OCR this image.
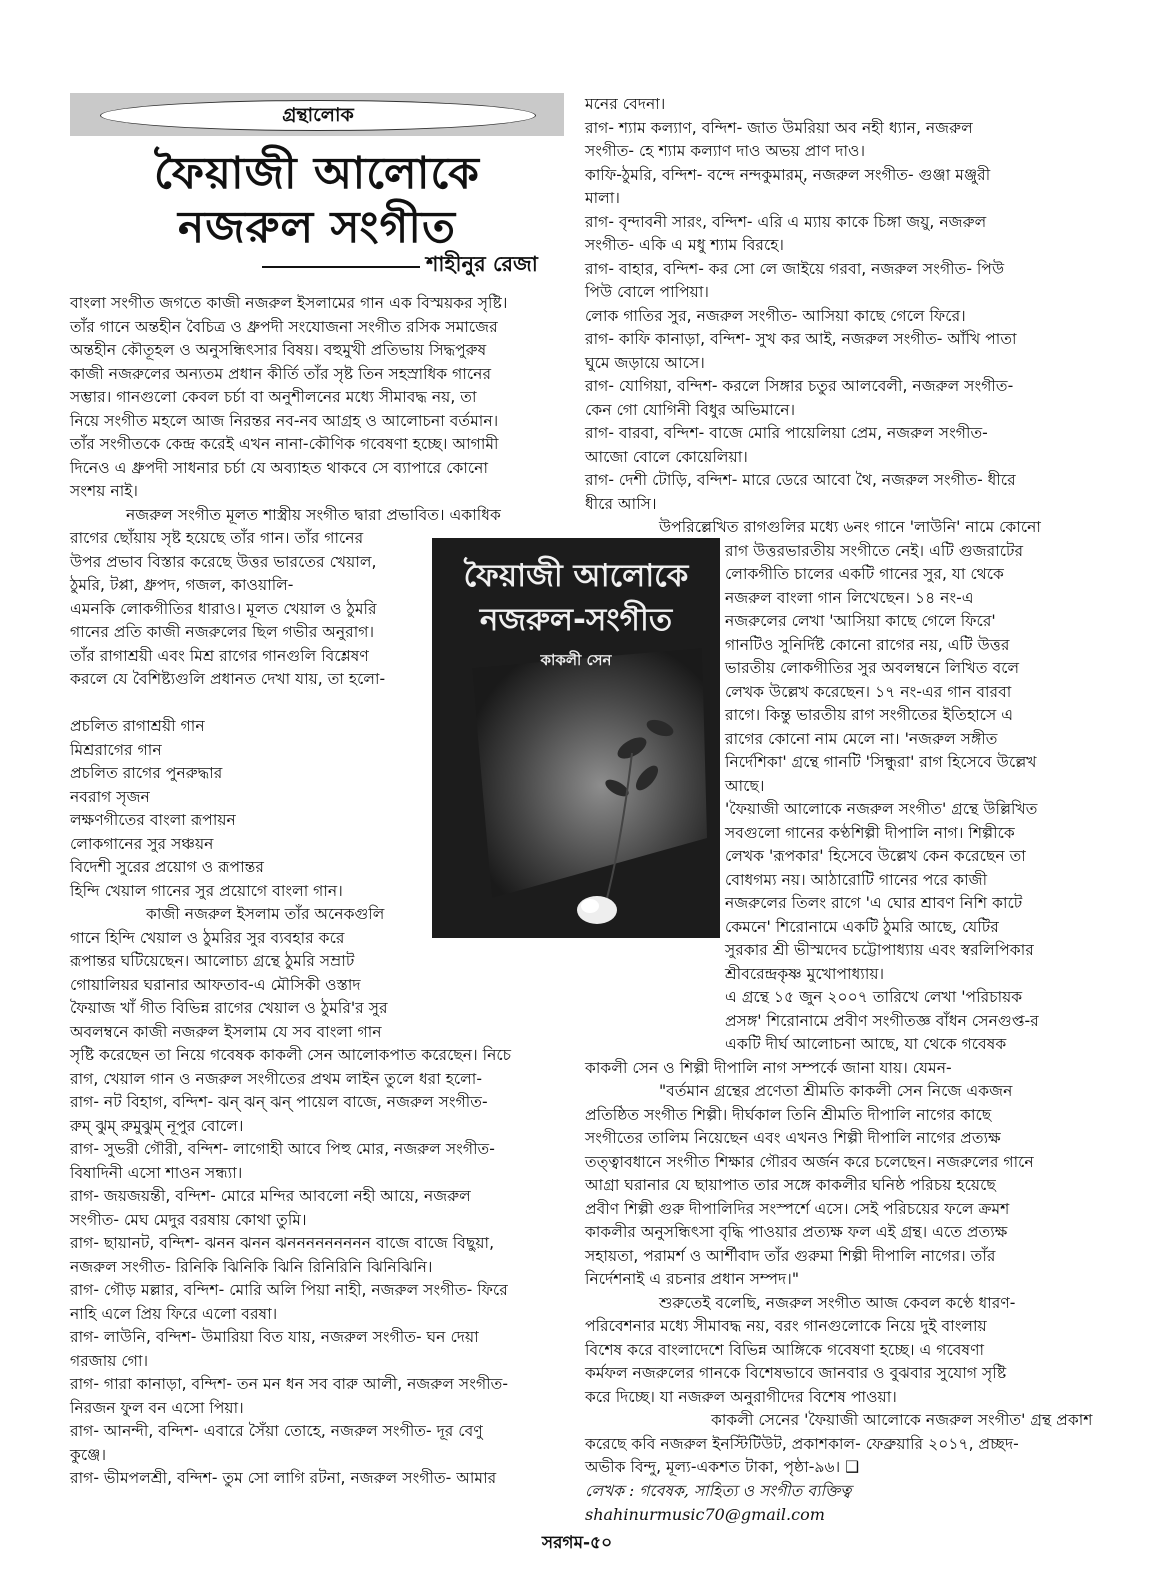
গ্রন্থালোক
ফৈয়াজী আলোকে
নজরুল সংগীত
শাহীনুর রেজা
ফৈয়াজী আলোকে
নজরুল-সংগীত
কাকলী সেন

বাংলা সংগীত জগতে কাজী নজরুল ইসলামের গান এক বিস্ময়কর সৃষ্টি।

তাঁর গানে অন্তহীন বৈচিত্র ও ধ্রুপদী সংযোজনা সংগীত রসিক সমাজের

অন্তহীন কৌতূহল ও অনুসন্ধিৎসার বিষয়। বহুমুখী প্রতিভায় সিদ্ধপুরুষ

কাজী নজরুলের অন্যতম প্রধান কীর্তি তাঁর সৃষ্ট তিন সহস্রাধিক গানের

সম্ভার। গানগুলো কেবল চর্চা বা অনুশীলনের মধ্যে সীমাবদ্ধ নয়, তা

নিয়ে সংগীত মহলে আজ নিরন্তর নব-নব আগ্রহ ও আলোচনা বর্তমান।

তাঁর সংগীতকে কেন্দ্র করেই এখন নানা-কৌণিক গবেষণা হচ্ছে। আগামী

দিনেও এ ধ্রুপদী সাধনার চর্চা যে অব্যাহত থাকবে সে ব্যাপারে কোনো

সংশয় নাই।

নজরুল সংগীত মূলত শাস্ত্রীয় সংগীত দ্বারা প্রভাবিত। একাধিক

রাগের ছোঁয়ায় সৃষ্ট হয়েছে তাঁর গান। তাঁর গানের

উপর প্রভাব বিস্তার করেছে উত্তর ভারতের খেয়াল,

ঠুমরি, টপ্পা, ধ্রুপদ, গজল, কাওয়ালি-

এমনকি লোকগীতির ধারাও। মূলত খেয়াল ও ঠুমরি

গানের প্রতি কাজী নজরুলের ছিল গভীর অনুরাগ।

তাঁর রাগাশ্রয়ী এবং মিশ্র রাগের গানগুলি বিশ্লেষণ

করলে যে বৈশিষ্ট্যগুলি প্রধানত দেখা যায়, তা হলো-

প্রচলিত রাগাশ্রয়ী গান

মিশ্ররাগের গান

প্রচলিত রাগের পুনরুদ্ধার

নবরাগ সৃজন

লক্ষণগীতের বাংলা রূপায়ন

লোকগানের সুর সঞ্চয়ন

বিদেশী সুরের প্রয়োগ ও রূপান্তর

হিন্দি খেয়াল গানের সুর প্রয়োগে বাংলা গান।

কাজী নজরুল ইসলাম তাঁর অনেকগুলি

গানে হিন্দি খেয়াল ও ঠুমরির সুর ব্যবহার করে

রূপান্তর ঘটিয়েছেন। আলোচ্য গ্রন্থে ঠুমরি সম্রাট

গোয়ালিয়র ঘরানার আফতাব-এ মৌসিকী ওস্তাদ

ফৈয়াজ খাঁ গীত বিভিন্ন রাগের খেয়াল ও ঠুমরি'র সুর

অবলম্বনে কাজী নজরুল ইসলাম যে সব বাংলা গান

সৃষ্টি করেছেন তা নিয়ে গবেষক কাকলী সেন আলোকপাত করেছেন। নিচে

রাগ, খেয়াল গান ও নজরুল সংগীতের প্রথম লাইন তুলে ধরা হলো-

রাগ- নট বিহাগ, বন্দিশ- ঝন্ ঝন্ ঝন্ পায়েল বাজে, নজরুল সংগীত-

রুম্ ঝুম্ রুমুঝুম্ নূপুর বোলে।

রাগ- সুভরী গৌরী, বন্দিশ- লাগোহী আবে পিহু মোর, নজরুল সংগীত-

বিষাদিনী এসো শাওন সন্ধ্যা।

রাগ- জয়জয়ন্তী, বন্দিশ- মোরে মন্দির আবলো নহী আয়ে, নজরুল

সংগীত- মেঘ মেদুর বরষায় কোথা তুমি।

রাগ- ছায়ানট, বন্দিশ- ঝনন ঝনন ঝননননননননন বাজে বাজে বিছুয়া,

নজরুল সংগীত- রিনিকি ঝিনিকি ঝিনি রিনিরিনি ঝিনিঝিনি।

রাগ- গৌড় মল্লার, বন্দিশ- মোরি অলি পিয়া নাহী, নজরুল সংগীত- ফিরে

নাহি এলে প্রিয় ফিরে এলো বরষা।

রাগ- লাউনি, বন্দিশ- উমারিয়া বিত যায়, নজরুল সংগীত- ঘন দেয়া

গরজায় গো।

রাগ- গারা কানাড়া, বন্দিশ- তন মন ধন সব বারু আলী, নজরুল সংগীত-

নিরজন ফুল বন এসো পিয়া।

রাগ- আনন্দী, বন্দিশ- এবারে সৈঁয়া তোহে, নজরুল সংগীত- দূর বেণু

কুঞ্জে।

রাগ- ভীমপলশ্রী, বন্দিশ- তুম সো লাগি রটনা, নজরুল সংগীত- আমার

মনের বেদনা।

রাগ- শ্যাম কল্যাণ, বন্দিশ- জাত উমরিয়া অব নহী ধ্যান, নজরুল

সংগীত- হে শ্যাম কল্যাণ দাও অভয় প্রাণ দাও।

কাফি-ঠুমরি, বন্দিশ- বন্দে নন্দকুমারম্, নজরুল সংগীত- গুঞ্জা মঞ্জুরী

মালা।

রাগ- বৃন্দাবনী সারং, বন্দিশ- এরি এ ম্যায় কাকে চিঙ্গা জয়ু, নজরুল

সংগীত- একি এ মধু শ্যাম বিরহে।

রাগ- বাহার, বন্দিশ- কর সো লে জাইয়ে গরবা, নজরুল সংগীত- পিউ

পিউ বোলে পাপিয়া।

লোক গাতির সুর, নজরুল সংগীত- আসিয়া কাছে গেলে ফিরে।

রাগ- কাফি কানাড়া, বন্দিশ- সুখ কর আই, নজরুল সংগীত- আঁখি পাতা

ঘুমে জড়ায়ে আসে।

রাগ- যোগিয়া, বন্দিশ- করলে সিঙ্গার চতুর আলবেলী, নজরুল সংগীত-

কেন গো যোগিনী বিধুর অভিমানে।

রাগ- বারবা, বন্দিশ- বাজে মোরি পায়েলিয়া প্রেম, নজরুল সংগীত-

আজো বোলে কোয়েলিয়া।

রাগ- দেশী টোড়ি, বন্দিশ- মারে ডেরে আবো থৈ, নজরুল সংগীত- ধীরে

ধীরে আসি।

উপরিল্লেখিত রাগগুলির মধ্যে ৬নং গানে 'লাউনি' নামে কোনো

রাগ উত্তরভারতীয় সংগীতে নেই। এটি গুজরাটের

লোকগীতি চালের একটি গানের সুর, যা থেকে

নজরুল বাংলা গান লিখেছেন। ১৪ নং-এ

নজরুলের লেখা 'আসিয়া কাছে গেলে ফিরে'

গানটিও সুনির্দিষ্ট কোনো রাগের নয়, এটি উত্তর

ভারতীয় লোকগীতির সুর অবলম্বনে লিখিত বলে

লেখক উল্লেখ করেছেন। ১৭ নং-এর গান বারবা

রাগে। কিন্তু ভারতীয় রাগ সংগীতের ইতিহাসে এ

রাগের কোনো নাম মেলে না। 'নজরুল সঙ্গীত

নির্দেশিকা' গ্রন্থে গানটি 'সিন্ধুরা' রাগ হিসেবে উল্লেখ

আছে।

'ফৈয়াজী আলোকে নজরুল সংগীত' গ্রন্থে উল্লিখিত

সবগুলো গানের কণ্ঠশিল্পী দীপালি নাগ। শিল্পীকে

লেখক 'রূপকার' হিসেবে উল্লেখ কেন করেছেন তা

বোধগম্য নয়। আঠারোটি গানের পরে কাজী

নজরুলের তিলং রাগে 'এ ঘোর শ্রাবণ নিশি কাটে

কেমনে' শিরোনামে একটি ঠুমরি আছে, যেটির

সুরকার শ্রী ভীস্মদেব চট্টোপাধ্যায় এবং স্বরলিপিকার

শ্রীবরেন্দ্রকৃষ্ণ মুখোপাধ্যায়।

এ গ্রন্থে ১৫ জুন ২০০৭ তারিখে লেখা 'পরিচায়ক

প্রসঙ্গ' শিরোনামে প্রবীণ সংগীতজ্ঞ বাঁধন সেনগুপ্ত-র

একটি দীর্ঘ আলোচনা আছে, যা থেকে গবেষক

কাকলী সেন ও শিল্পী দীপালি নাগ সম্পর্কে জানা যায়। যেমন-

"বর্তমান গ্রন্থের প্রণেতা শ্রীমতি কাকলী সেন নিজে একজন

প্রতিষ্ঠিত সংগীত শিল্পী। দীর্ঘকাল তিনি শ্রীমতি দীপালি নাগের কাছে

সংগীতের তালিম নিয়েছেন এবং এখনও শিল্পী দীপালি নাগের প্রত্যক্ষ

তত্ত্বাবধানে সংগীত শিক্ষার গৌরব অর্জন করে চলেছেন। নজরুলের গানে

আগ্রা ঘরানার যে ছায়াপাত তার সঙ্গে কাকলীর ঘনিষ্ঠ পরিচয় হয়েছে

প্রবীণ শিল্পী গুরু দীপালিদির সংস্পর্শে এসে। সেই পরিচয়ের ফলে ক্রমশ

কাকলীর অনুসন্ধিৎসা বৃদ্ধি পাওয়ার প্রত্যক্ষ ফল এই গ্রন্থ। এতে প্রত্যক্ষ

সহায়তা, পরামর্শ ও আর্শীবাদ তাঁর গুরুমা শিল্পী দীপালি নাগের। তাঁর

নির্দেশনাই এ রচনার প্রধান সম্পদ।"

শুরুতেই বলেছি, নজরুল সংগীত আজ কেবল কণ্ঠে ধারণ-

পরিবেশনার মধ্যে সীমাবদ্ধ নয়, বরং গানগুলোকে নিয়ে দুই বাংলায়

বিশেষ করে বাংলাদেশে বিভিন্ন আঙ্গিকে গবেষণা হচ্ছে। এ গবেষণা

কর্মফল নজরুলের গানকে বিশেষভাবে জানবার ও বুঝবার সুযোগ সৃষ্টি

করে দিচ্ছে। যা নজরুল অনুরাগীদের বিশেষ পাওয়া।

কাকলী সেনের 'ফৈয়াজী আলোকে নজরুল সংগীত' গ্রন্থ প্রকাশ

করেছে কবি নজরুল ইনস্টিটিউট, প্রকাশকাল- ফেব্রুয়ারি ২০১৭, প্রচ্ছদ-

অভীক বিন্দু, মূল্য-একশত টাকা, পৃষ্ঠা-৯৬। ❑

লেখক : গবেষক, সাহিত্য ও সংগীত ব্যক্তিত্ব

shahinurmusic70@gmail.com

সরগম-৫০
